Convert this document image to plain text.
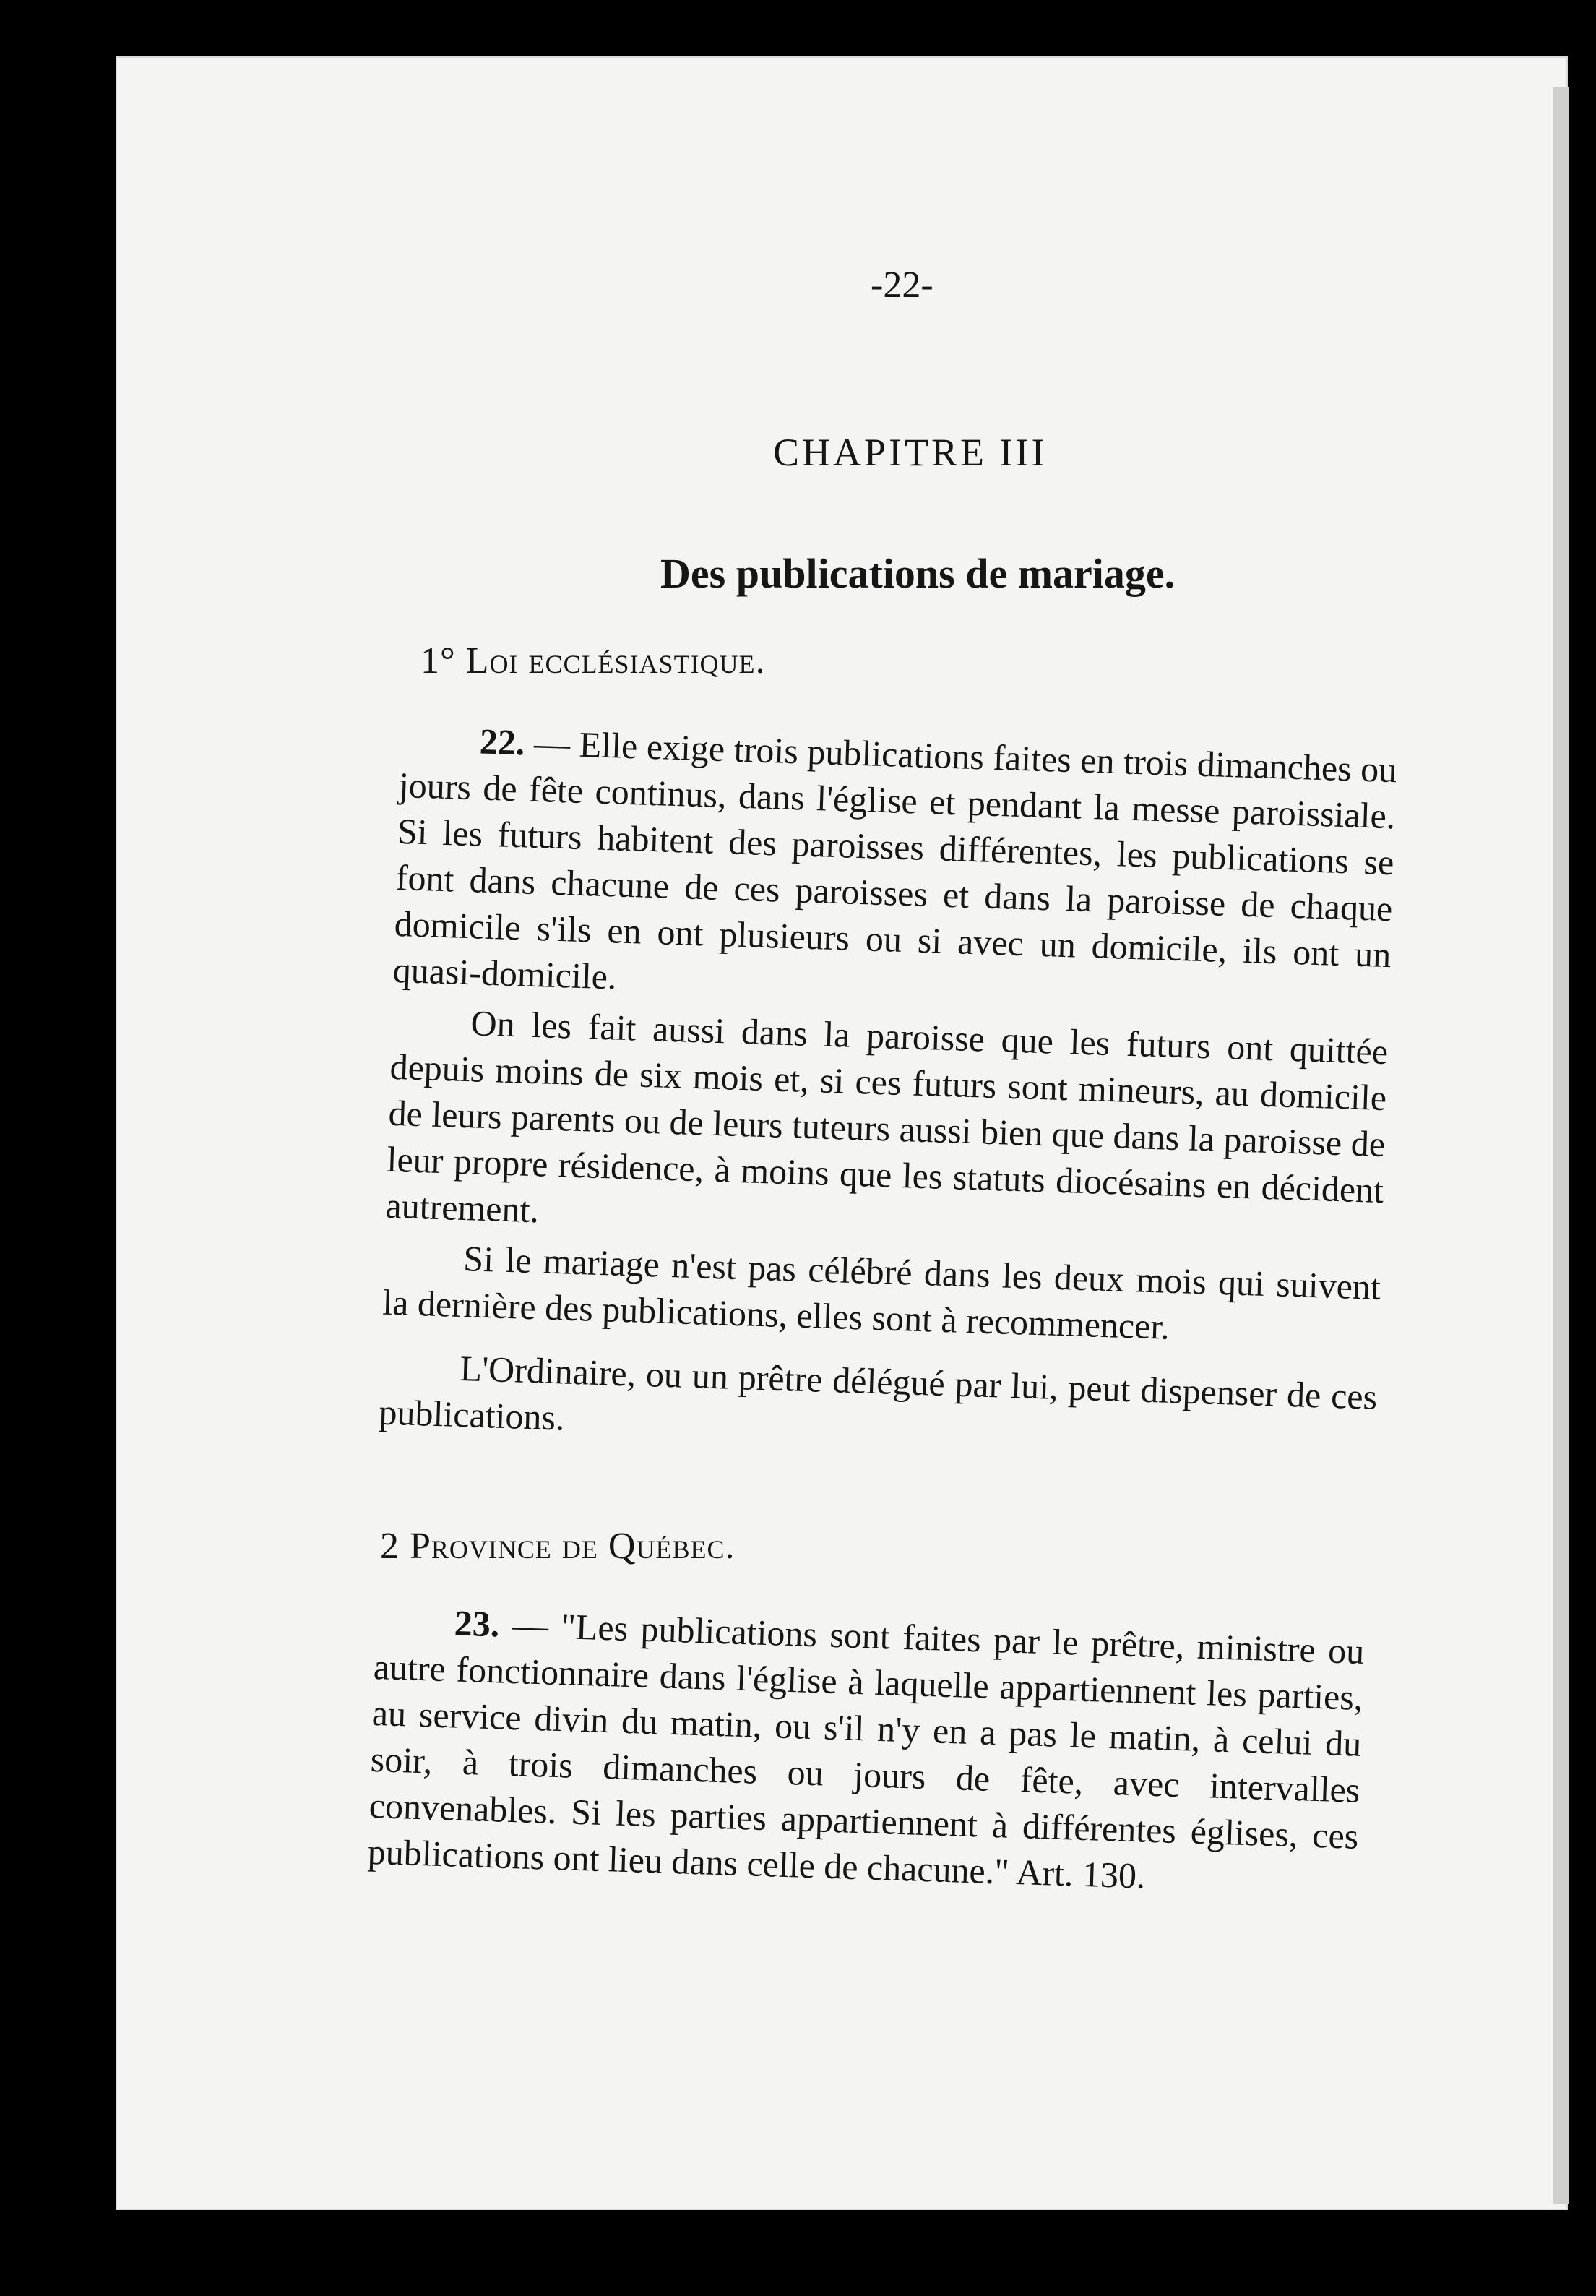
-22-
CHAPITRE III
Des publications de mariage.
1° Loi ecclésiastique.

22. — Elle exige trois publications faites en trois dimanches ou jours de fête continus, dans l'église et pendant la messe paroissiale. Si les futurs habitent des paroisses différentes, les publications se font dans chacune de ces paroisses et dans la paroisse de chaque domicile s'ils en ont plusieurs ou si avec un domicile, ils ont un quasi-domicile.

On les fait aussi dans la paroisse que les futurs ont quittée depuis moins de six mois et, si ces futurs sont mineurs, au domicile de leurs parents ou de leurs tuteurs aussi bien que dans la paroisse de leur propre résidence, à moins que les statuts diocésains en décident autrement.

Si le mariage n'est pas célébré dans les deux mois qui suivent la dernière des publications, elles sont à recommencer.

L'Ordinaire, ou un prêtre délégué par lui, peut dispenser de ces publications.

2 Province de Québec.

23. — "Les publications sont faites par le prêtre, ministre ou autre fonctionnaire dans l'église à laquelle appartiennent les parties, au service divin du matin, ou s'il n'y en a pas le matin, à celui du soir, à trois dimanches ou jours de fête, avec intervalles convenables. Si les parties appartiennent à différentes églises, ces publications ont lieu dans celle de chacune." Art. 130.
